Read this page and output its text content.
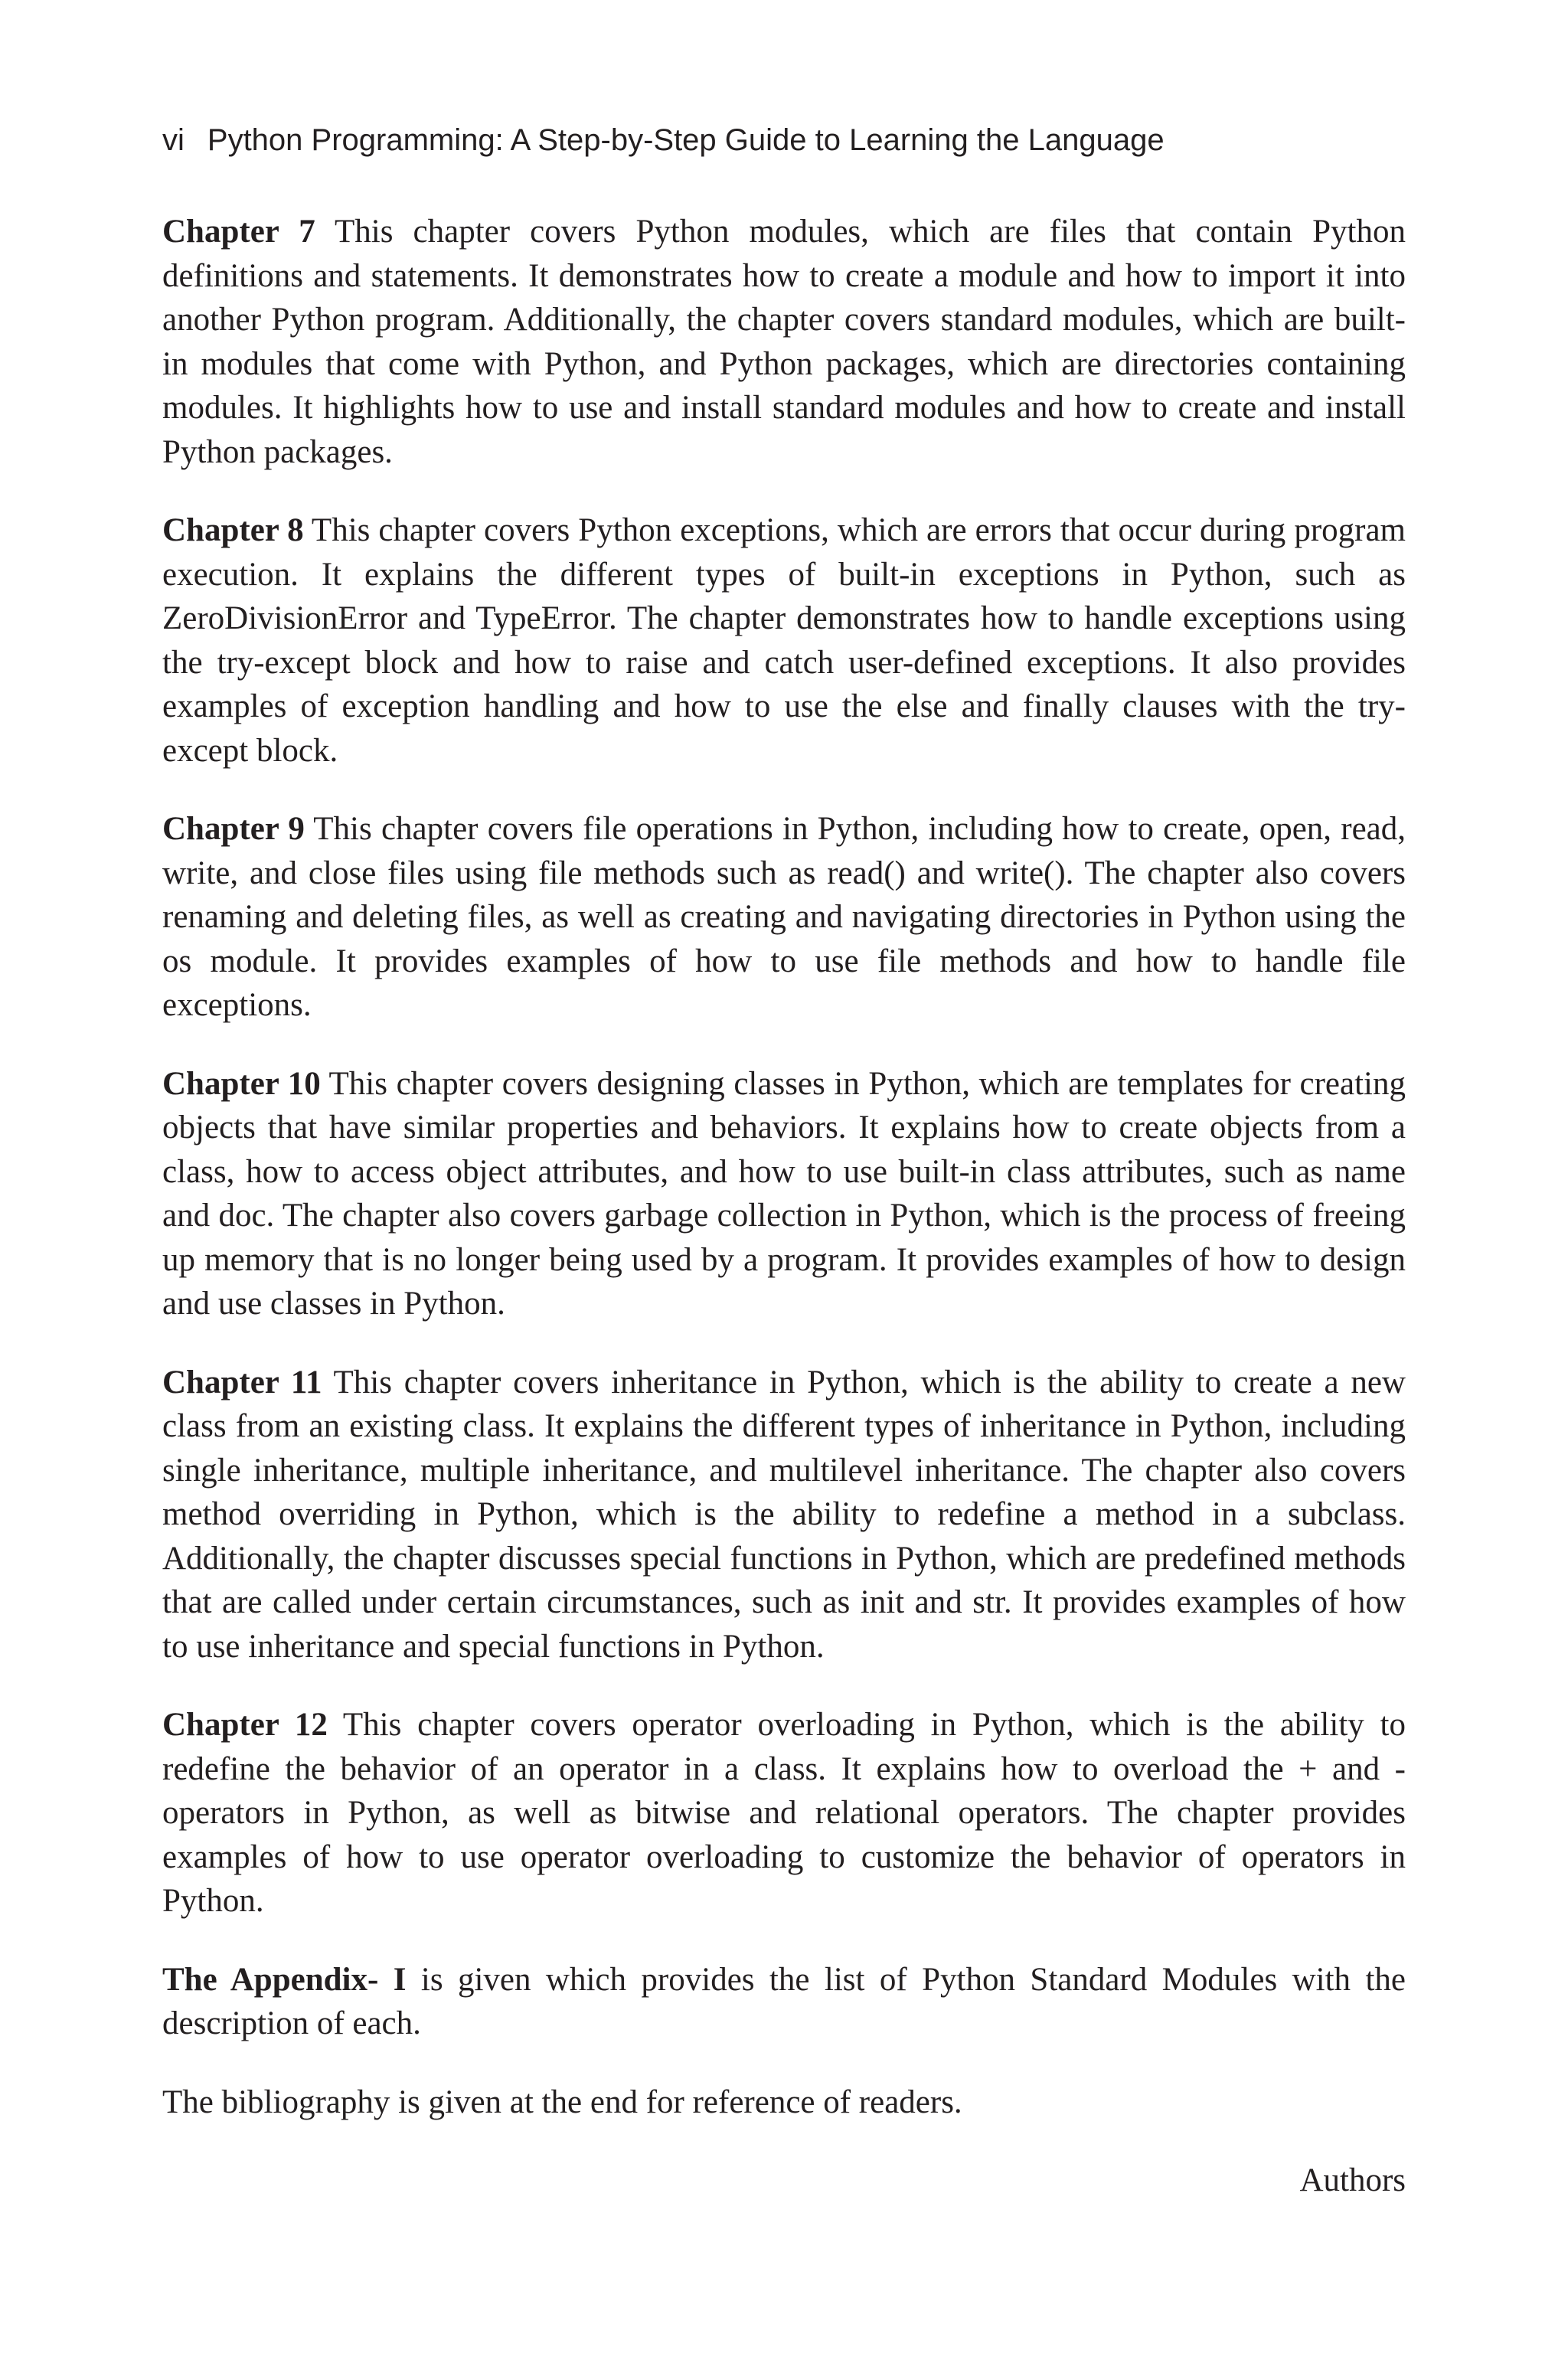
vi Python Programming: A Step-by-Step Guide to Learning the Language

Chapter 7 This chapter covers Python modules, which are files that contain Python definitions and statements. It demonstrates how to create a module and how to import it into another Python program. Additionally, the chapter covers standard modules, which are built-in modules that come with Python, and Python packages, which are directories containing modules. It highlights how to use and install standard modules and how to create and install Python packages.

Chapter 8 This chapter covers Python exceptions, which are errors that occur during program execution. It explains the different types of built-in exceptions in Python, such as ZeroDivisionError and TypeError. The chapter demonstrates how to handle exceptions using the try-except block and how to raise and catch user-defined exceptions. It also provides examples of exception handling and how to use the else and finally clauses with the try-except block.

Chapter 9 This chapter covers file operations in Python, including how to create, open, read, write, and close files using file methods such as read() and write(). The chapter also covers renaming and deleting files, as well as creating and navigating directories in Python using the os module. It provides examples of how to use file methods and how to handle file exceptions.

Chapter 10 This chapter covers designing classes in Python, which are templates for creating objects that have similar properties and behaviors. It explains how to create objects from a class, how to access object attributes, and how to use built-in class attributes, such as name and doc. The chapter also covers garbage collection in Python, which is the process of freeing up memory that is no longer being used by a program. It provides examples of how to design and use classes in Python.

Chapter 11 This chapter covers inheritance in Python, which is the ability to create a new class from an existing class. It explains the different types of inheritance in Python, including single inheritance, multiple inheritance, and multilevel inheritance. The chapter also covers method overriding in Python, which is the ability to redefine a method in a subclass. Additionally, the chapter discusses special functions in Python, which are predefined methods that are called under certain circumstances, such as init and str. It provides examples of how to use inheritance and special functions in Python.

Chapter 12 This chapter covers operator overloading in Python, which is the ability to redefine the behavior of an operator in a class. It explains how to overload the + and - operators in Python, as well as bitwise and relational operators. The chapter provides examples of how to use operator overloading to customize the behavior of operators in Python.

The Appendix- I is given which provides the list of Python Standard Modules with the description of each.

The bibliography is given at the end for reference of readers.

Authors
